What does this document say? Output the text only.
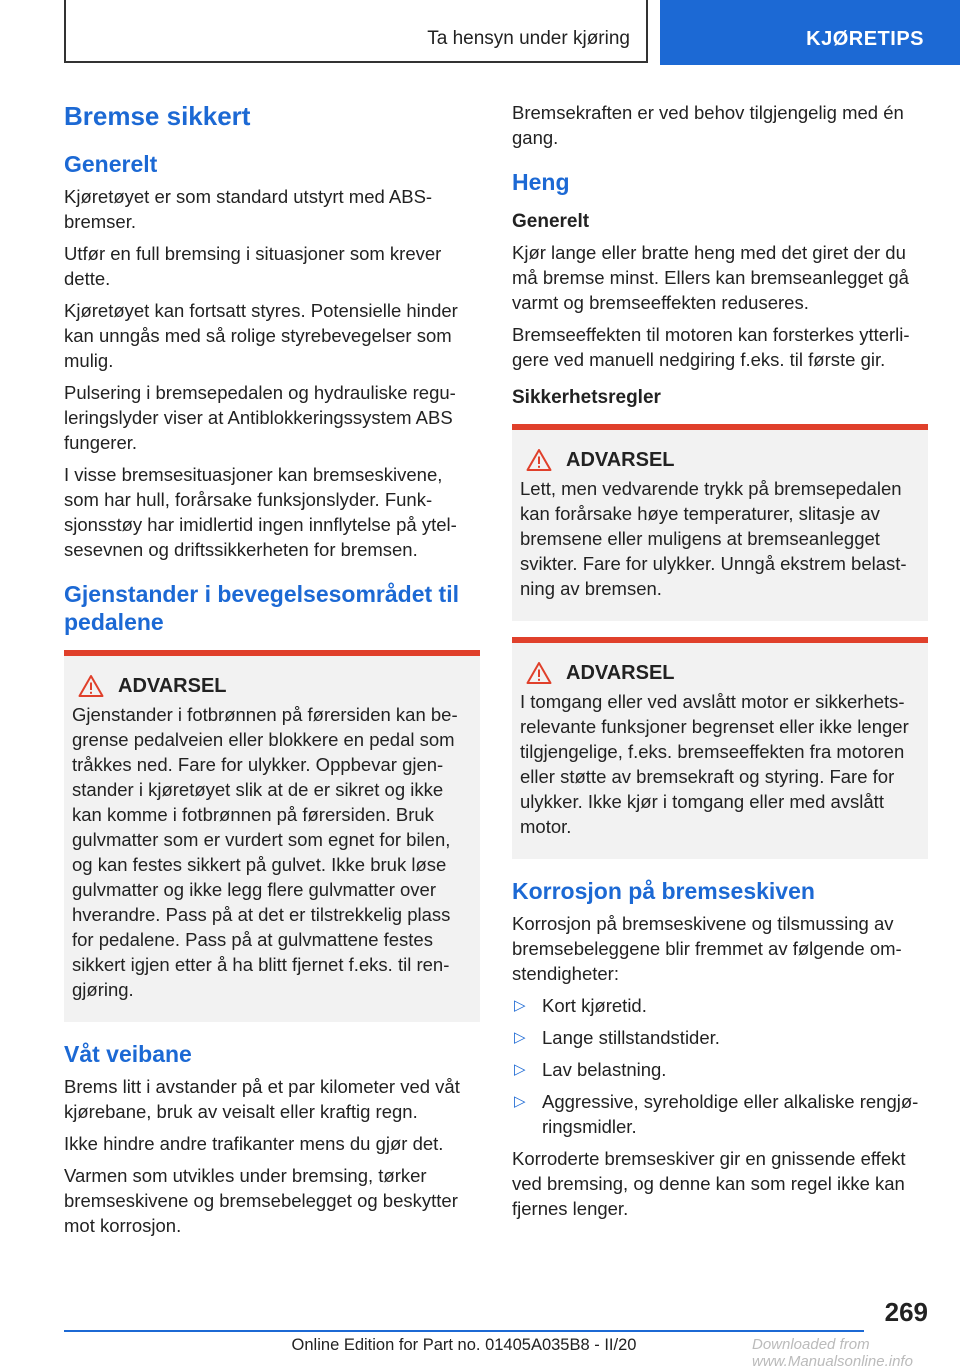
Ta hensyn under kjøring	KJØRETIPS
Bremse sikkert
Generelt

Kjøretøyet er som standard utstyrt med ABS-bremser.

Utfør en full bremsing i situasjoner som krever dette.

Kjøretøyet kan fortsatt styres. Potensielle hinder kan unngås med så rolige styrebevegelser som mulig.

Pulsering i bremsepedalen og hydrauliske regu-leringslyder viser at Antiblokkeringssystem ABS fungerer.

I visse bremsesituasjoner kan bremseskivene, som har hull, forårsake funksjonslyder. Funk-sjonsstøy har imidlertid ingen innflytelse på ytel-sesevnen og driftssikkerheten for bremsen.

Gjenstander i bevegelsesområdet til pedalene
ADVARSEL

Gjenstander i fotbrønnen på førersiden kan be-grense pedalveien eller blokkere en pedal som tråkkes ned. Fare for ulykker. Oppbevar gjen-stander i kjøretøyet slik at de er sikret og ikke kan komme i fotbrønnen på førersiden. Bruk gulvmatter som er vurdert som egnet for bilen, og kan festes sikkert på gulvet. Ikke bruk løse gulvmatter og ikke legg flere gulvmatter over hverandre. Pass på at det er tilstrekkelig plass for pedalene. Pass på at gulvmattene festes sikkert igjen etter å ha blitt fjernet f.eks. til ren-gjøring.

Våt veibane

Brems litt i avstander på et par kilometer ved våt kjørebane, bruk av veisalt eller kraftig regn.

Ikke hindre andre trafikanter mens du gjør det.

Varmen som utvikles under bremsing, tørker bremseskivene og bremsebelegget og beskytter mot korrosjon.

Bremsekraften er ved behov tilgjengelig med én gang.

Heng
Generelt

Kjør lange eller bratte heng med det giret der du må bremse minst. Ellers kan bremseanlegget gå varmt og bremseeffekten reduseres.

Bremseeffekten til motoren kan forsterkes ytterli-gere ved manuell nedgiring f.eks. til første gir.

Sikkerhetsregler
ADVARSEL

Lett, men vedvarende trykk på bremsepedalen kan forårsake høye temperaturer, slitasje av bremsene eller muligens at bremseanlegget svikter. Fare for ulykker. Unngå ekstrem belast-ning av bremsen.

ADVARSEL

I tomgang eller ved avslått motor er sikkerhets-relevante funksjoner begrenset eller ikke lenger tilgjengelige, f.eks. bremseeffekten fra motoren eller støtte av bremsekraft og styring. Fare for ulykker. Ikke kjør i tomgang eller med avslått motor.

Korrosjon på bremseskiven

Korrosjon på bremseskivene og tilsmussing av bremsebeleggene blir fremmet av følgende om-stendigheter:

▷ Kort kjøretid.
▷ Lange stillstandstider.
▷ Lav belastning.
▷ Aggressive, syreholdige eller alkaliske rengjø-ringsmidler.

Korroderte bremseskiver gir en gnissende effekt ved bremsing, og denne kan som regel ikke kan fjernes lenger.

269
Online Edition for Part no. 01405A035B8 - II/20	Downloaded from www.Manualsonline.info
